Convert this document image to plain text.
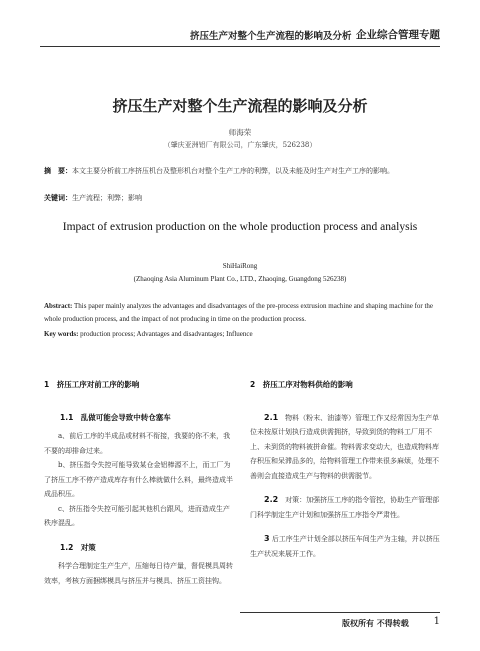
挤压生产对整个生产流程的影响及分析 企业综合管理专题
挤压生产对整个生产流程的影响及分析
师海荣
（肇庆亚洲铝厂有限公司，广东肇庆，526238）
摘　要：本文主要分析前工序挤压机台及整形机台对整个生产工序的利弊，以及未能及时生产对生产工序的影响。
关键词：生产流程；利弊；影响
Impact of extrusion production on the whole production process and analysis
ShiHaiRong
(Zhaoqing Asia Aluminum Plant Co., LTD., Zhaoqing, Guangdong 526238)
Abstract: This paper mainly analyzes the advantages and disadvantages of the pre-process extrusion machine and shaping machine for the whole production process, and the impact of not producing in time on the production process.
Key words: production process; Advantages and disadvantages; Influence
1　挤压工序对前工序的影响
1.1　乱做可能会导致中转仓塞车

a、前后工序的半成品或材料不衔接，我要的你不来，我不要的却排命过来。

b、挤压指令失控可能导致某仓金铝棒源不上，而工厂为了挤压工序不停产造成库存有什么棒就做什么料，最终造成半成品积压。

c、挤压指令失控可能引起其他机台跟风，进而造成生产秩序混乱。

1.2　对策

科学合理制定生产生产，压缩每日待产量，督促模具周转效率，考核方面捆绑模具与挤压并与模具、挤压工资挂钩。

2　挤压工序对物料供给的影响

2.1　 物料（粉末、油漆等）管理工作又经常因为生产单位未按原计划执行造成供需拥挤，导致到货的物料工厂用不上、未到货的物料被拼命催。物料需求变动大，也造成物料库存积压和呆滞品多的，给物料管理工作带来很多麻烦，处理不善则会直接造成生产与物料的供需脱节。

2.2　 对策：加强挤压工序的指令管控，协助生产管理部门科学制定生产计划和加强挤压工序指令严肃性。

3 后工序生产计划全部以挤压车间生产为主轴，并以挤压生产状况来展开工作。

版权所有 不得转载 1
